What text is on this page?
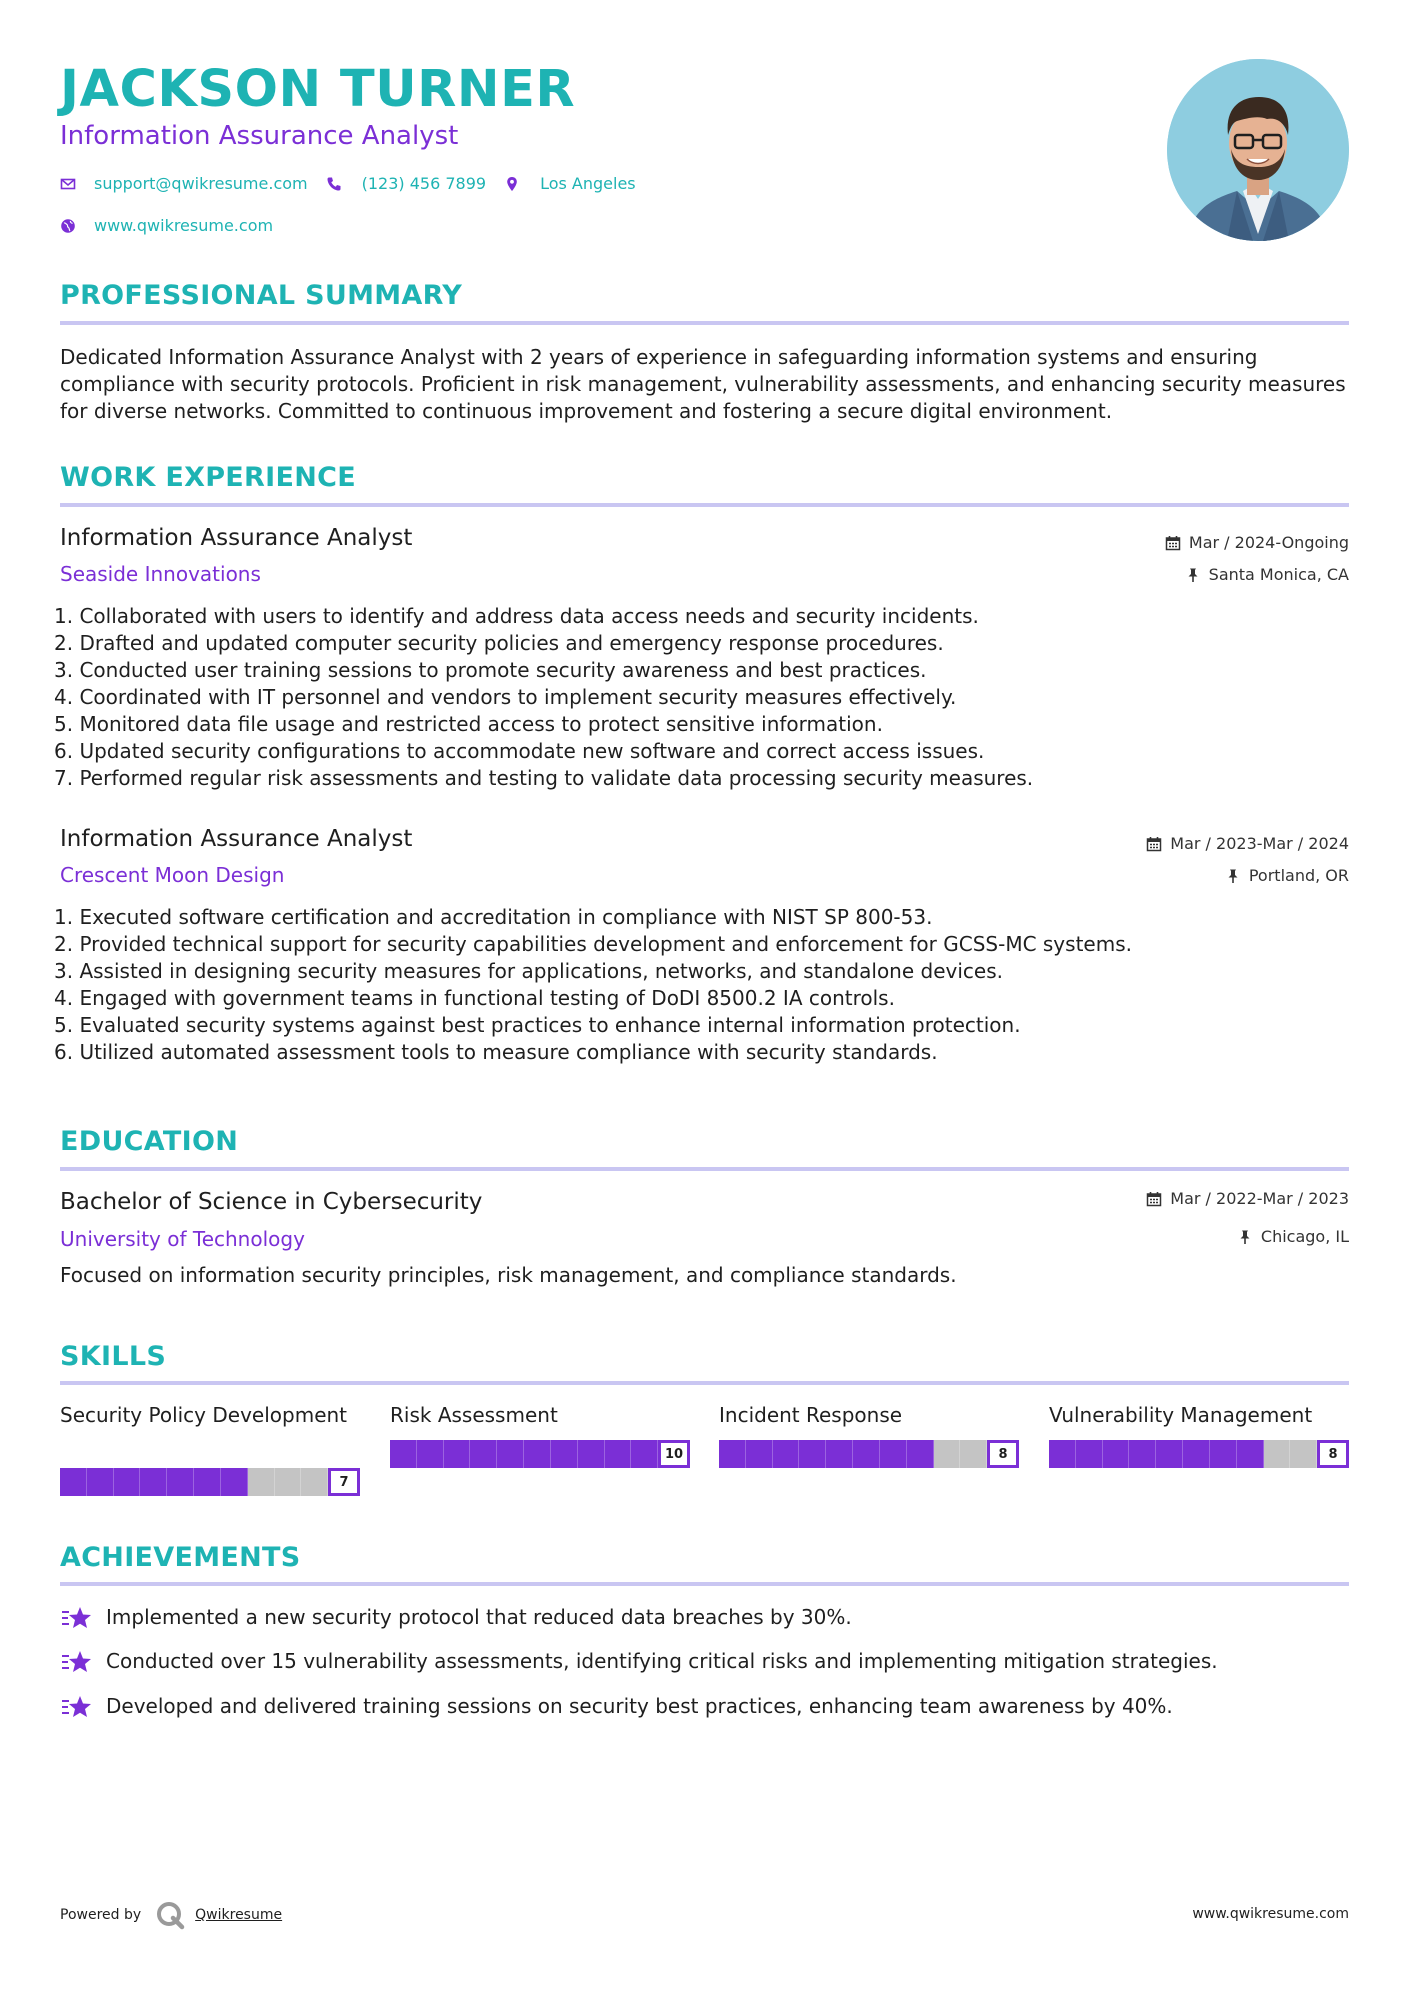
JACKSON TURNER
Information Assurance Analyst
support@qwikresume.com	(123) 456 7899	Los Angeles
www.qwikresume.com
PROFESSIONAL SUMMARY
Dedicated Information Assurance Analyst with 2 years of experience in safeguarding information systems and ensuring compliance with security protocols. Proficient in risk management, vulnerability assessments, and enhancing security measures for diverse networks. Committed to continuous improvement and fostering a secure digital environment.
WORK EXPERIENCE
Information Assurance Analyst
Seaside Innovations
Mar / 2024-Ongoing
Santa Monica, CA
Collaborated with users to identify and address data access needs and security incidents.
Drafted and updated computer security policies and emergency response procedures.
Conducted user training sessions to promote security awareness and best practices.
Coordinated with IT personnel and vendors to implement security measures effectively.
Monitored data file usage and restricted access to protect sensitive information.
Updated security configurations to accommodate new software and correct access issues.
Performed regular risk assessments and testing to validate data processing security measures.
Information Assurance Analyst
Crescent Moon Design
Mar / 2023-Mar / 2024
Portland, OR
Executed software certification and accreditation in compliance with NIST SP 800-53.
Provided technical support for security capabilities development and enforcement for GCSS-MC systems.
Assisted in designing security measures for applications, networks, and standalone devices.
Engaged with government teams in functional testing of DoDI 8500.2 IA controls.
Evaluated security systems against best practices to enhance internal information protection.
Utilized automated assessment tools to measure compliance with security standards.
EDUCATION
Bachelor of Science in Cybersecurity
University of Technology
Mar / 2022-Mar / 2023
Chicago, IL
Focused on information security principles, risk management, and compliance standards.
SKILLS
Security Policy Development
7
Risk Assessment
10
Incident Response
8
Vulnerability Management
8
ACHIEVEMENTS
Implemented a new security protocol that reduced data breaches by 30%.
Conducted over 15 vulnerability assessments, identifying critical risks and implementing mitigation strategies.
Developed and delivered training sessions on security best practices, enhancing team awareness by 40%.
Powered by	Qwikresume	www.qwikresume.com
